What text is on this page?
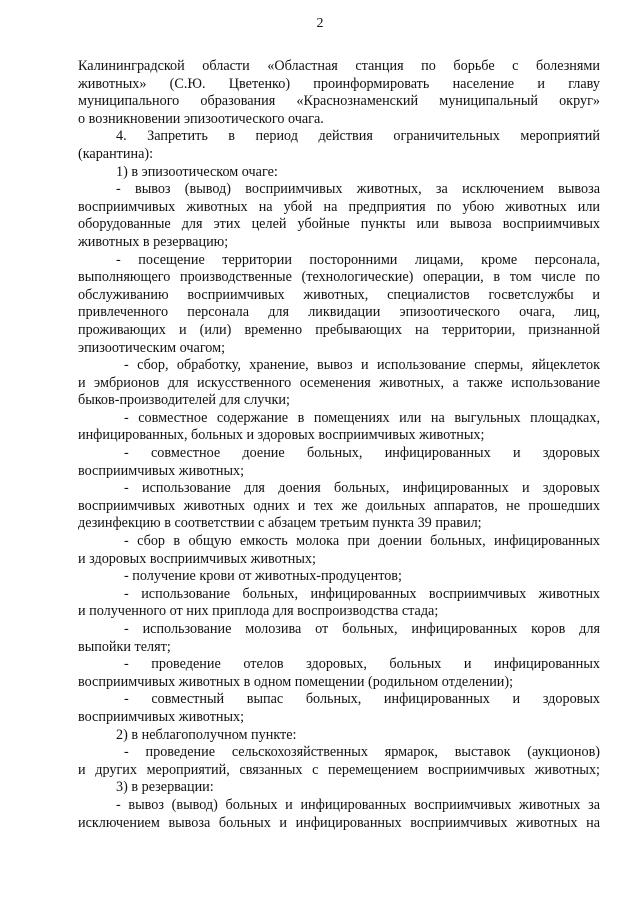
2
Калининградской области «Областная станция по борьбе с болезнями
животных» (С.Ю. Цветенко) проинформировать население и главу
муниципального образования «Краснознаменский муниципальный округ»
о возникновении эпизоотического очага.
4. Запретить в период действия ограничительных мероприятий
(карантина):
1) в эпизоотическом очаге:
- вывоз (вывод) восприимчивых животных, за исключением вывоза
восприимчивых животных на убой на предприятия по убою животных или
оборудованные для этих целей убойные пункты или вывоза восприимчивых
животных в резервацию;
- посещение территории посторонними лицами, кроме персонала,
выполняющего производственные (технологические) операции, в том числе по
обслуживанию восприимчивых животных, специалистов госветслужбы и
привлеченного персонала для ликвидации эпизоотического очага, лиц,
проживающих и (или) временно пребывающих на территории, признанной
эпизоотическим очагом;
- сбор, обработку, хранение, вывоз и использование спермы, яйцеклеток
и эмбрионов для искусственного осеменения животных, а также использование
быков-производителей для случки;
- совместное содержание в помещениях или на выгульных площадках,
инфицированных, больных и здоровых восприимчивых животных;
- совместное доение больных, инфицированных и здоровых
восприимчивых животных;
- использование для доения больных, инфицированных и здоровых
восприимчивых животных одних и тех же доильных аппаратов, не прошедших
дезинфекцию в соответствии с абзацем третьим пункта 39 правил;
- сбор в общую емкость молока при доении больных, инфицированных
и здоровых восприимчивых животных;
- получение крови от животных-продуцентов;
- использование больных, инфицированных восприимчивых животных
и полученного от них приплода для воспроизводства стада;
- использование молозива от больных, инфицированных коров для
выпойки телят;
- проведение отелов здоровых, больных и инфицированных
восприимчивых животных в одном помещении (родильном отделении);
- совместный выпас больных, инфицированных и здоровых
восприимчивых животных;
2) в неблагополучном пункте:
- проведение сельскохозяйственных ярмарок, выставок (аукционов)
и других мероприятий, связанных с перемещением восприимчивых животных;
3) в резервации:
- вывоз (вывод) больных и инфицированных восприимчивых животных за
исключением вывоза больных и инфицированных восприимчивых животных на
